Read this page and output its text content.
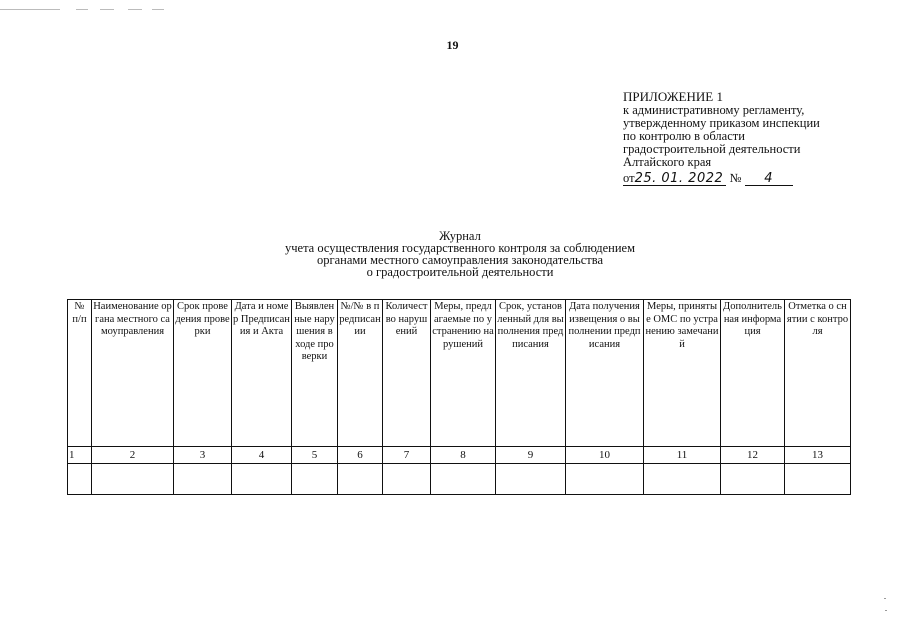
19
ПРИЛОЖЕНИЕ 1
к административному регламенту,
утвержденному приказом инспекции
по контролю в области
градостроительной деятельности
Алтайского края
от25. 01. 2022 № 4
Журнал
учета осуществления государственного контроля за соблюдением
органами местного самоуправления законодательства
о градостроительной деятельности
№ п/п	Наименование органа местного самоуправления	Срок проведения проверки	Дата и номер Предписания и Акта	Выявленные нарушения в ходе проверки	№/№ в предписании	Количество нарушений	Меры, предлагаемые по устранению нарушений	Срок, установленный для выполнения предписания	Дата получения извещения о выполнении предписания	Меры, принятые ОМС по устранению замечаний	Дополнительная информация	Отметка о снятии с контроля
1	2	3	4	5	6	7	8	9	10	11	12	13
